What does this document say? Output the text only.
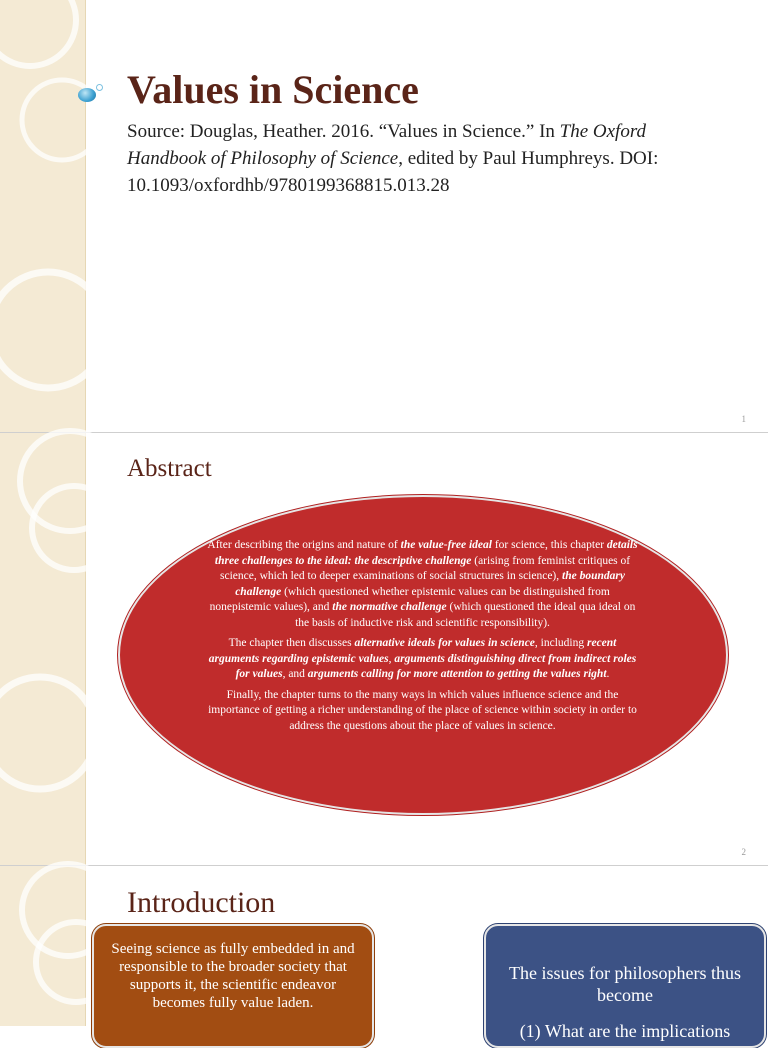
Values in Science

Source: Douglas, Heather. 2016. “Values in Science.” In The Oxford Handbook of Philosophy of Science, edited by Paul Humphreys. DOI: 10.1093/oxfordhb/9780199368815.013.28

1
Abstract

After describing the origins and nature of the value-free ideal for science, this chapter details three challenges to the ideal: the descriptive challenge (arising from feminist critiques of science, which led to deeper examinations of social structures in science), the boundary challenge (which questioned whether epistemic values can be distinguished from nonepistemic values), and the normative challenge (which questioned the ideal qua ideal on the basis of inductive risk and scientific responsibility).

The chapter then discusses alternative ideals for values in science, including recent arguments regarding epistemic values, arguments distinguishing direct from indirect roles for values, and arguments calling for more attention to getting the values right.

Finally, the chapter turns to the many ways in which values influence science and the importance of getting a richer understanding of the place of science within society in order to address the questions about the place of values in science.

2
Introduction
Seeing science as fully embedded in and responsible to the broader society that supports it, the scientific endeavor becomes fully value laden.
The issues for philosophers thus become
(1) What are the implications
